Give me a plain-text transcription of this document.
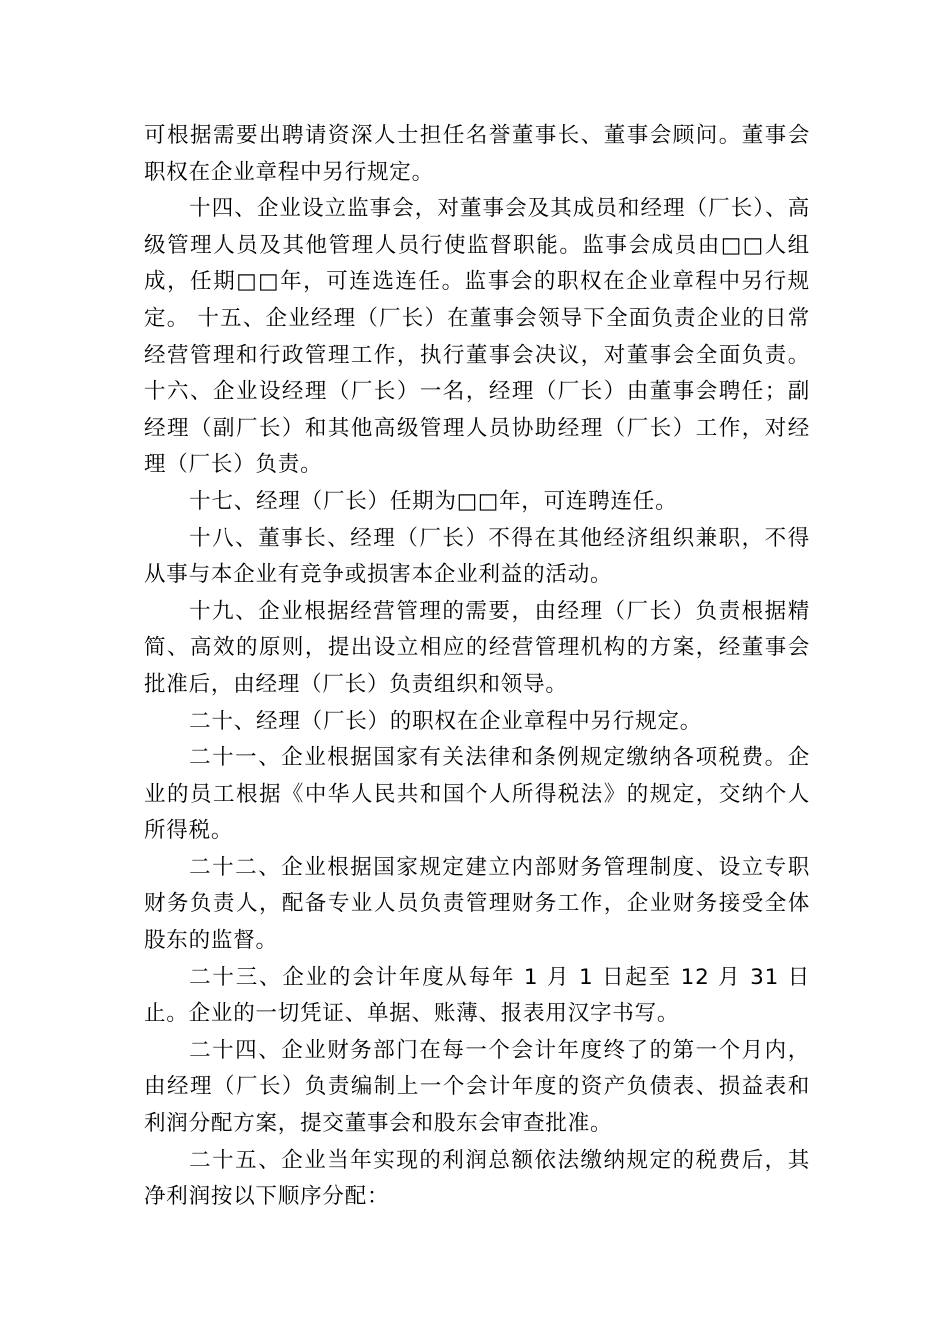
可根据需要出聘请资深人士担任名誉董事长、董事会顾问。董事会职权在企业章程中另行规定。

十四、企业设立监事会，对董事会及其成员和经理（厂长）、高级管理人员及其他管理人员行使监督职能。监事会成员由□□人组成，任期□□年，可连选连任。监事会的职权在企业章程中另行规定。 十五、企业经理（厂长）在董事会领导下全面负责企业的日常经营管理和行政管理工作，执行董事会决议，对董事会全面负责。 十六、企业设经理（厂长）一名，经理（厂长）由董事会聘任；副经理（副厂长）和其他高级管理人员协助经理（厂长）工作，对经理（厂长）负责。

十七、经理（厂长）任期为□□年，可连聘连任。

十八、董事长、经理（厂长）不得在其他经济组织兼职，不得从事与本企业有竞争或损害本企业利益的活动。

十九、企业根据经营管理的需要，由经理（厂长）负责根据精简、高效的原则，提出设立相应的经营管理机构的方案，经董事会批准后，由经理（厂长）负责组织和领导。

二十、经理（厂长）的职权在企业章程中另行规定。

二十一、企业根据国家有关法律和条例规定缴纳各项税费。企业的员工根据《中华人民共和国个人所得税法》的规定，交纳个人所得税。

二十二、企业根据国家规定建立内部财务管理制度、设立专职财务负责人，配备专业人员负责管理财务工作，企业财务接受全体股东的监督。

二十三、企业的会计年度从每年 1 月 1 日起至 12 月 31 日止。企业的一切凭证、单据、账薄、报表用汉字书写。

二十四、企业财务部门在每一个会计年度终了的第一个月内，由经理（厂长）负责编制上一个会计年度的资产负债表、损益表和利润分配方案，提交董事会和股东会审查批准。

二十五、企业当年实现的利润总额依法缴纳规定的税费后，其净利润按以下顺序分配：
